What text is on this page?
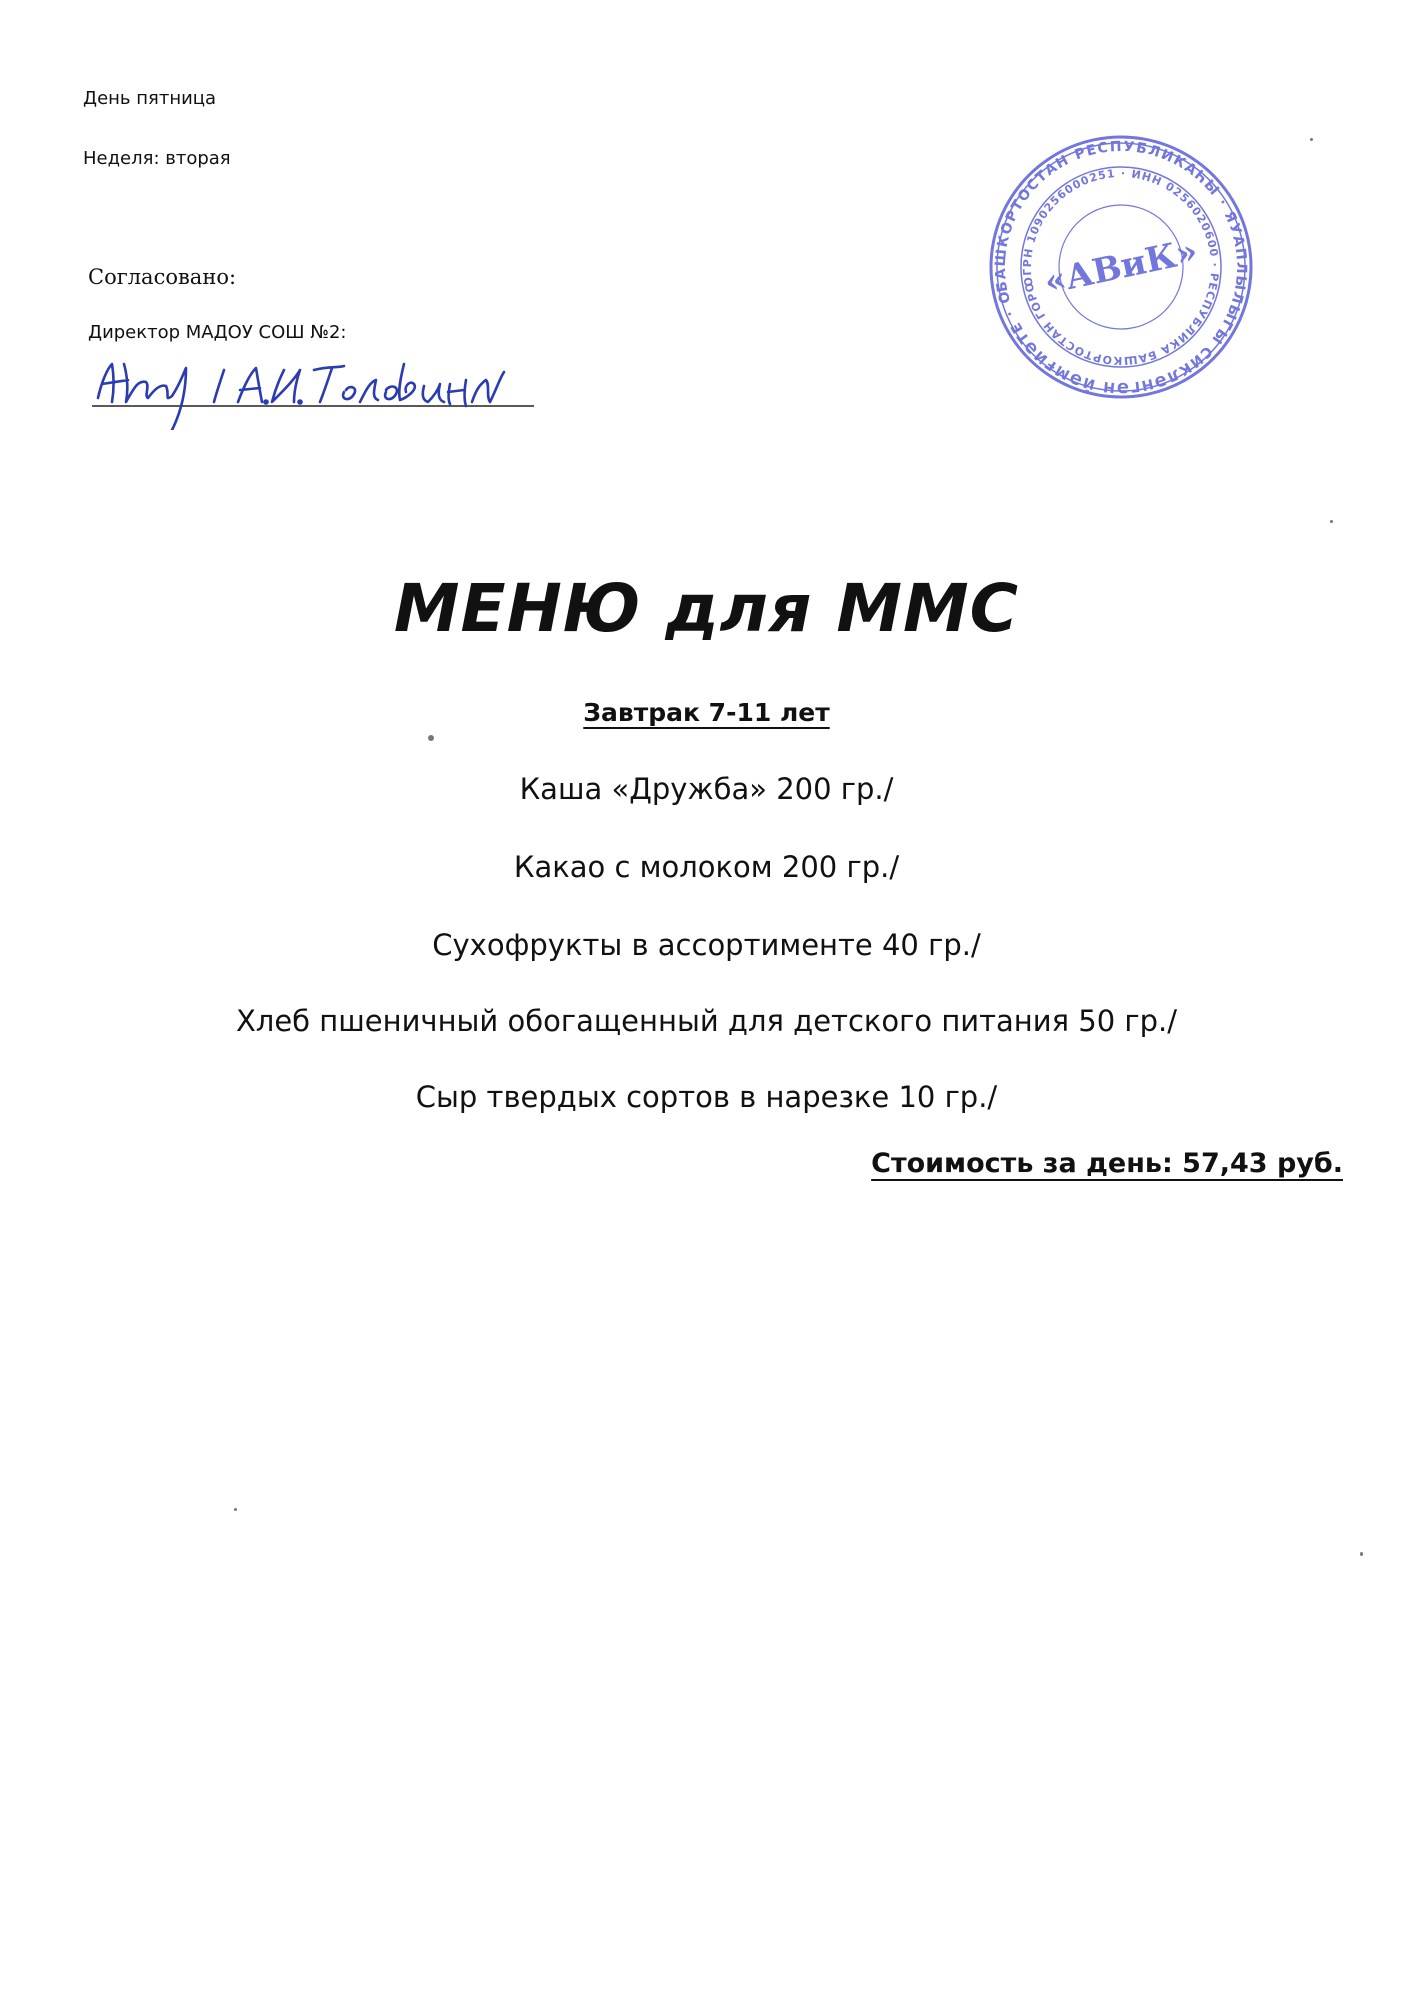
День пятница
Неделя: вторая
Согласовано:
Директор МАДОУ СОШ №2:
БАШКОРТОСТАН РЕСПУБЛИКАҺЫ · ЯУАПЛЫЛЫГЫ СИКЛӘНГӘН ЙӘМҒИӘТЕ · ОБЩЕСТВО
ОГРН 1090256000251 · ИНН 0256020600 · РЕСПУБЛИКА БАШКОРТОСТАН ГОРОД
«АВиК»
МЕНЮ для ММС
Завтрак 7-11 лет
Каша «Дружба» 200 гр./
Какао с молоком 200 гр./
Сухофрукты в ассортименте 40 гр./
Хлеб пшеничный обогащенный для детского питания 50 гр./
Сыр твердых сортов в нарезке 10 гр./
Стоимость за день: 57,43 руб.
